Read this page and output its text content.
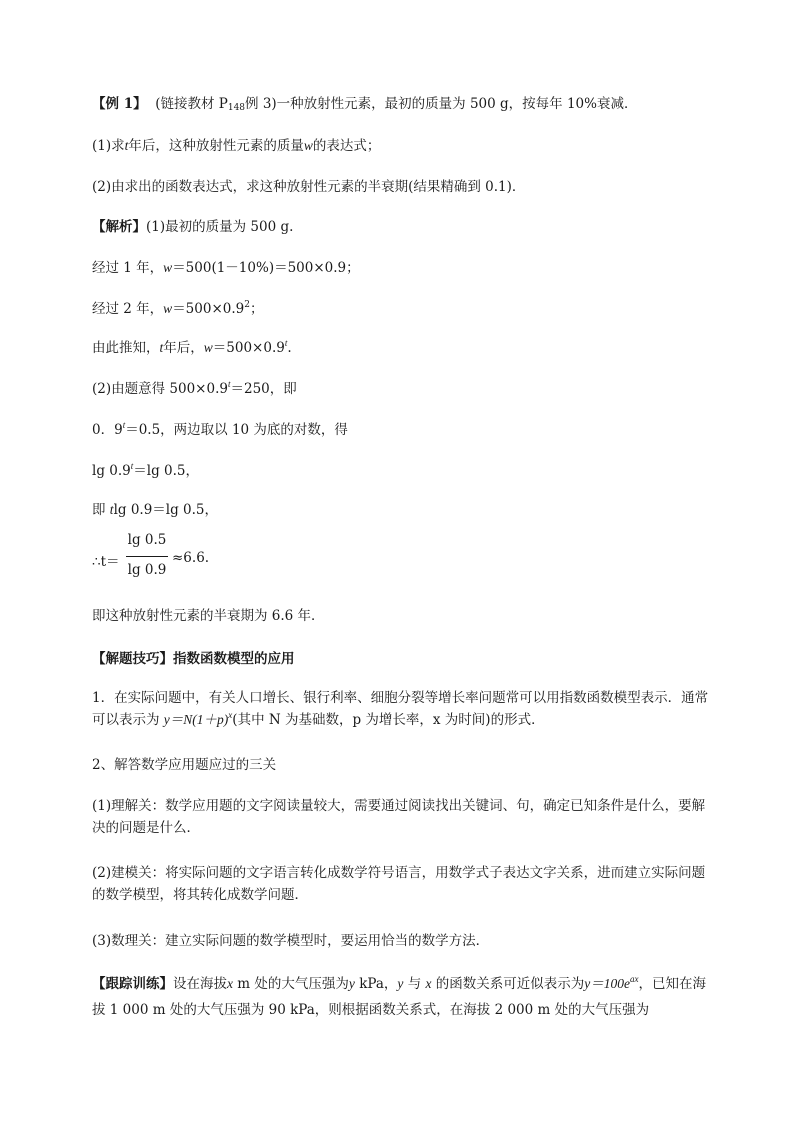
【例 1】 (链接教材 $P_{148}$例 3)一种放射性元素，最初的质量为 500 g，按每年 10%衰减．
(1)求t年后，这种放射性元素的质量w的表达式；
(2)由求出的函数表达式，求这种放射性元素的半衰期(结果精确到 0.1)．
【解析】(1)最初的质量为 500 g.
经过 1 年，w＝500(1－10%)＝500×0.9；
经过 2 年，$w=500\times 0.9^2$；
由此推知，t年后，$w=500\times 0.9^t$.
(2)由题意得 $500\times 0.9^t=250$，即
0．$9^t=0.5$，两边取以 10 为底的对数，得
$\lg 0.9^t=\lg$ 0.5，
即 tlg 0.9＝lg 0.5，
∴t＝
lg 0.5
lg 0.9
≈6.6.
即这种放射性元素的半衰期为 6.6 年．
【解题技巧】指数函数模型的应用
1．在实际问题中，有关人口增长、银行利率、细胞分裂等增长率问题常可以用指数函数模型表示．通常可以表示为 $y=N(1+p)^x$(其中 N 为基础数，p 为增长率，x 为时间)的形式．
2、解答数学应用题应过的三关
(1)理解关：数学应用题的文字阅读量较大，需要通过阅读找出关键词、句，确定已知条件是什么，要解决的问题是什么．
(2)建模关：将实际问题的文字语言转化成数学符号语言，用数学式子表达文字关系，进而建立实际问题的数学模型，将其转化成数学问题．
(3)数理关：建立实际问题的数学模型时，要运用恰当的数学方法．
【跟踪训练】设在海拔x m 处的大气压强为y kPa，y 与 x 的函数关系可近似表示为$y=100e^{ax}$，已知在海拔 1 000 m 处的大气压强为 90 kPa，则根据函数关系式，在海拔 2 000 m 处的大气压强为
